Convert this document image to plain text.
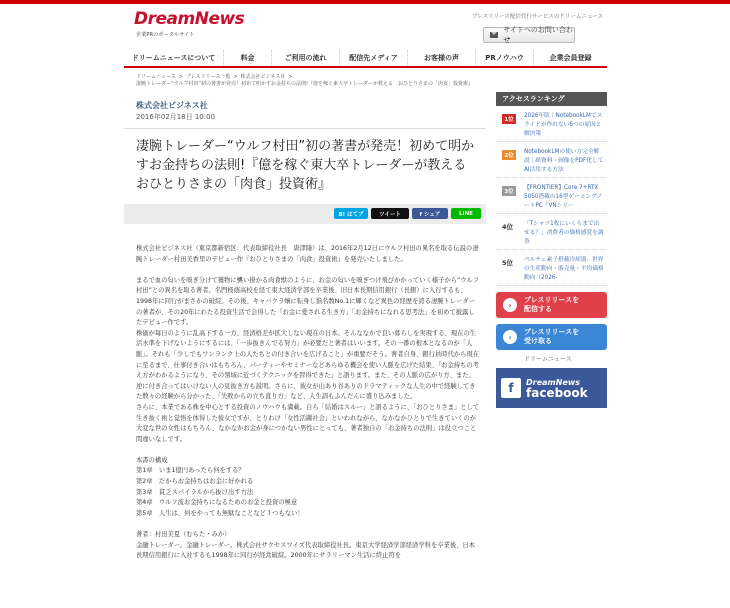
DreamNews
企業PRのポータルサイト
プレスリリース配信代行サービスのドリームニュース
サイトへのお問い合わせ
ドリームニュースについて	料金	ご利用の流れ	配信先メディア	お客様の声	PRノウハウ	企業会員登録
ドリームニュース > プレスリリース一覧 > 株式会社ビジネス社 >
凄腕トレーダー“ウルフ村田”初の著書が発売！初めて明かすお金持ちの法則!『億を稼ぐ東大卒トレーダーが教える　おひとりさまの「肉食」投資術』
株式会社ビジネス社
2016年02月18日 10:00
凄腕トレーダー“ウルフ村田”初の著書が発売！初めて明かすお金持ちの法則!『億を稼ぐ東大卒トレーダーが教える　おひとりさまの「肉食」投資術』
B! はてブ	ツイート	f シェア	LINE

株式会社ビジネス社（東京都新宿区：代表取締役社長　唐津隆）は、2016年2月12日にウルフ村田の異名を取る伝説の凄腕トレーダー村田美香里のデビュー作『おひとりさまの「肉食」投資術』を発売いたしました。

まるで血の匂いを嗅ぎ分けて獲物に襲い掛かる肉食獣のように、お金の匂いを嗅ぎつけ飛びかかっていく様子から“ウルフ村田”との異名を取る著者。名門桜蔭高校を経て東大経済学部を卒業後、旧日本長期信用銀行（長銀）に入行するも、1998年に同行がまさかの破綻。その後、キャバクラ嬢に転身し指名数No.1に輝くなど異色の経歴を誇る凄腕トレーダーの著者が、その20年にわたる投資生活で会得した「お金に愛される生き方」「お金持ちになれる思考法」を初めて披露したデビュー作です。

株価が毎日のように乱高下する一方、経済格差が拡大しない現在の日本。そんななかで良い暮らしを実現する、現在の生活水準を下げないようにするには、「一歩抜きんでる努力」が必要だと著者はいいます。その一番の根本となるのが「人脈」。それも「少しでもワンランク上の人たちとの付き合いを広げること」が重要だそう。著者自身、銀行員時代から現在に至るまで、仕事付き合いはもちろん、パーティーやセミナーなどあらゆる機会を使い人脈を広げた結果、「お金持ちの考え方がわかるようになり、その領域に近づくテクニックを習得できた」と語ります。また、その人脈の広がり方、また、逆に付き合ってはいけない人の見抜き方も説明。さらに、彼女が山あり谷ありのドラマティックな人生の中で経験してきた数々の経験から分かった、「失敗からの立ち直り方」など、人生訓もふんだんに盛り込みました。

さらに、本業である株を中心とする投資のノウハウも満載。自ら「結婚はスルー」と語るように、「おひとりさま」として生き抜く術と覚悟を体得した彼女ですが、とりわけ「女性活躍社会」といわれながら、なかなかひとりで生きていくのが大変な世の女性はもちろん、なかなかお金が身につかない男性にとっても、著者独自の「お金持ちの法則」は役立つこと間違いなしです。

本書の構成

第1章　いま1億円あったら何をする？

第2章　だからお金持ちはお金に好かれる

第3章　貧乏スパイラルから抜け出す方法

第4章　ウルフ流お金持ちになるためのお金と投資の極意

第5章　人生は、何をやっても無駄なことなど１つもない！

著者：村田美夏（むらた・みか）

金融トレーダー。金融トレーダー。株式会社サクセスワイズ代表取締役社長。東京大学経済学部経済学科を卒業後、日本長期信用銀行に入社するも1998年に同行が経営破綻。2000年にサラリーマン生活に終止符を

アクセスランキング
1位
2026年版｜NotebookLMでスライドが作れない6つの原因と解決策
2位
NotebookLMの使い方完全解説｜紙資料・画像をPDF化してAI活用する方法
3位
【FRONTIER】Core 7+RTX 5050搭載の16型ゲーミングノートPC「VNシリー
4位	「Tシャツ1枚にいくらまで出せる？」消費者の価格感覚を調査
5位	ペルチェ素子搭載冷却器：世界の生産動向・販売量・平均価格動向（2026-
›
プレスリリースを
配信する
›
プレスリリースを
受け取る
ドリームニュース
f	DreamNews
facebook
